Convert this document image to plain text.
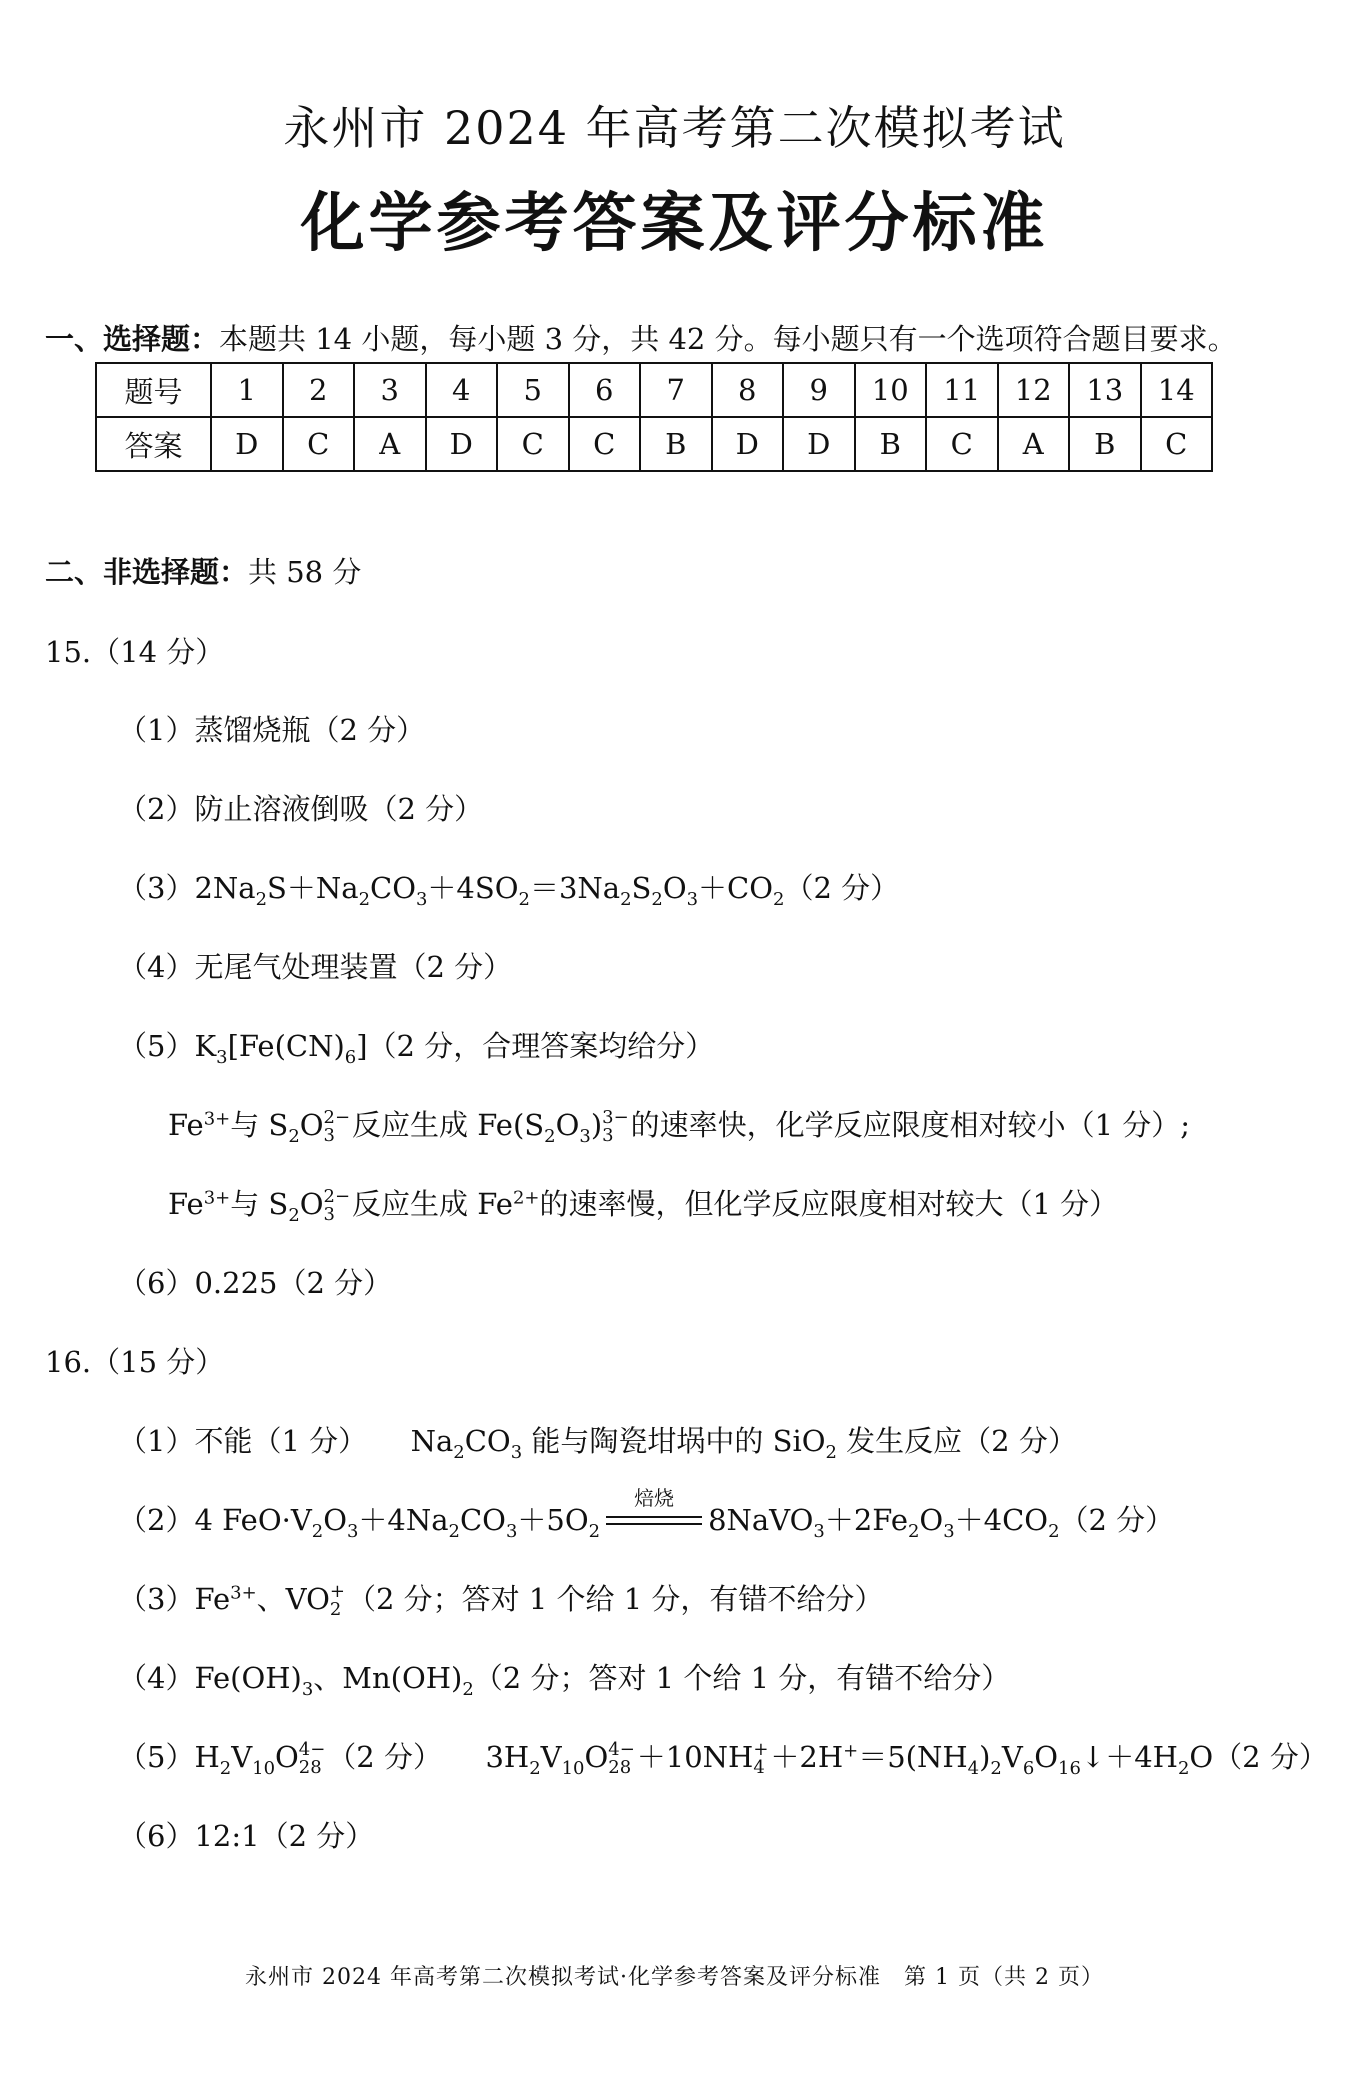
永州市 2024 年高考第二次模拟考试
化学参考答案及评分标准
一、选择题：本题共 14 小题，每小题 3 分，共 42 分。每小题只有一个选项符合题目要求。
题号	1	2	3	4	5	6	7	8	9	10	11	12	13	14
答案	D	C	A	D	C	C	B	D	D	B	C	A	B	C
二、非选择题：共 58 分
15.（14 分）
（1）蒸馏烧瓶（2 分）
（2）防止溶液倒吸（2 分）
$(3)2Na_2S+Na_2CO_3+4SO_2=3Na_2S_2O_3+CO_2(2$ 分）
（4）无尾气处理装置（2 分）
$(5)K_3[Fe(CN)_6](2$ 分，合理答案均给分）
$Fe^{3+}$与 $S_2O$ 2−
3 反应生成 $Fe(S_2O_3)$ 3−
3 的速率快，化学反应限度相对较小（1 分）;
$Fe^{3+}$与 $S_2O$ 2−
3 反应生成 $Fe^{2+}$的速率慢，但化学反应限度相对较大（1 分）
（6）0.225（2 分）
16.（15 分）
（1）不能（1 分）　　$Na_2CO_3$ 能与陶瓷坩埚中的 SiO$_2$ 发生反应（2 分）
（2）4 $FeO\cdot V_2O_3+4Na_2CO_3+5O_2$
焙烧
$8NaVO_3+2Fe_2O_3+4CO_2(2$ 分）
$(3)Fe^{3+}$、VO +
2 （2 分；答对 1 个给 1 分，有错不给分）
$(4)Fe(OH)_3$、$Mn(OH)_2(2$ 分；答对 1 个给 1 分，有错不给分）
$(5)H_2V_{10}O$ 4−
28 （2 分）　　$3H_2V_{10}O$ 4−
28 ＋10NH +
$4 +2H^+=5(NH_4)_2V_6O_{16}↓+4H_2O(2$ 分）
（6）12:1（2 分）
永州市 2024 年高考第二次模拟考试·化学参考答案及评分标准　第 1 页（共 2 页）
